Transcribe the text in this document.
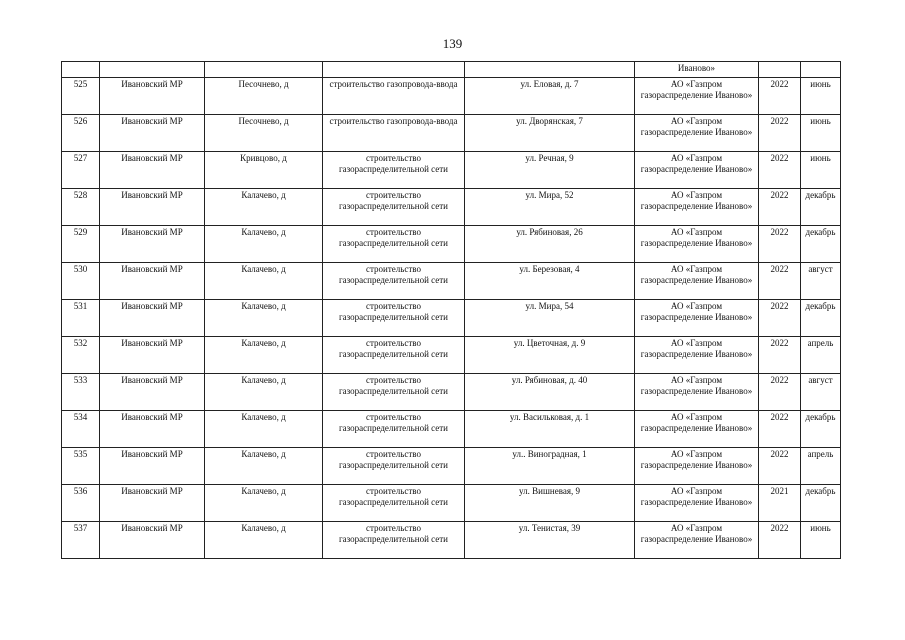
139
					Иваново»		
525	Ивановский МР	Песочнево, д	строительство газопровода-ввода	ул. Еловая, д. 7	АО «Газпром газораспределение Иваново»	2022	июнь
526	Ивановский МР	Песочнево, д	строительство газопровода-ввода	ул. Дворянская, 7	АО «Газпром газораспределение Иваново»	2022	июнь
527	Ивановский МР	Кривцово, д	строительство газораспределительной сети	ул. Речная, 9	АО «Газпром газораспределение Иваново»	2022	июнь
528	Ивановский МР	Калачево, д	строительство газораспределительной сети	ул. Мира, 52	АО «Газпром газораспределение Иваново»	2022	декабрь
529	Ивановский МР	Калачево, д	строительство газораспределительной сети	ул. Рябиновая, 26	АО «Газпром газораспределение Иваново»	2022	декабрь
530	Ивановский МР	Калачево, д	строительство газораспределительной сети	ул. Березовая, 4	АО «Газпром газораспределение Иваново»	2022	август
531	Ивановский МР	Калачево, д	строительство газораспределительной сети	ул. Мира, 54	АО «Газпром газораспределение Иваново»	2022	декабрь
532	Ивановский МР	Калачево, д	строительство газораспределительной сети	ул. Цветочная, д. 9	АО «Газпром газораспределение Иваново»	2022	апрель
533	Ивановский МР	Калачево, д	строительство газораспределительной сети	ул. Рябиновая, д. 40	АО «Газпром газораспределение Иваново»	2022	август
534	Ивановский МР	Калачево, д	строительство газораспределительной сети	ул. Васильковая, д. 1	АО «Газпром газораспределение Иваново»	2022	декабрь
535	Ивановский МР	Калачево, д	строительство газораспределительной сети	ул.. Виноградная, 1	АО «Газпром газораспределение Иваново»	2022	апрель
536	Ивановский МР	Калачево, д	строительство газораспределительной сети	ул. Вишневая, 9	АО «Газпром газораспределение Иваново»	2021	декабрь
537	Ивановский МР	Калачево, д	строительство газораспределительной сети	ул. Тенистая, 39	АО «Газпром газораспределение Иваново»	2022	июнь
